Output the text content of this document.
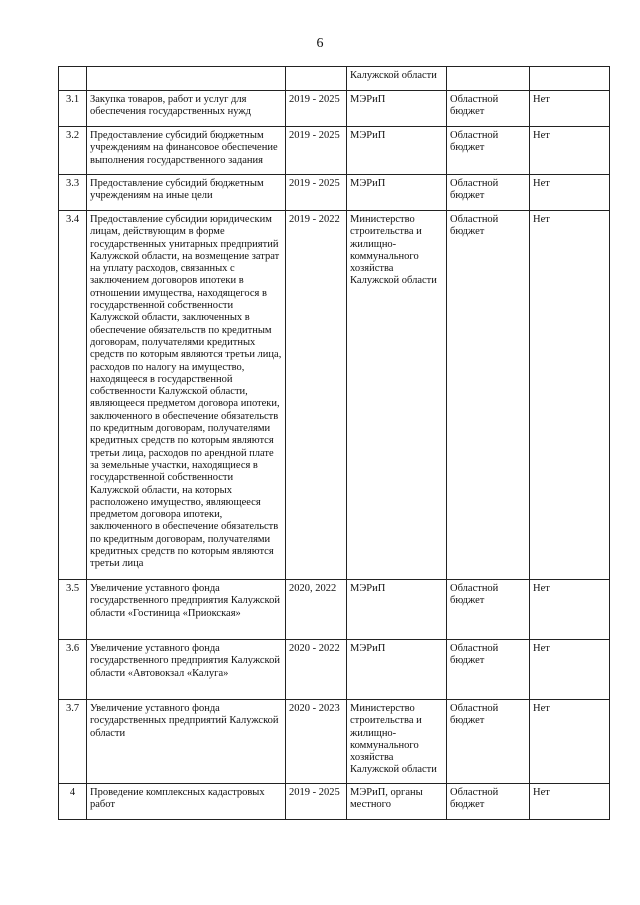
6
			Калужской области		
3.1	Закупка товаров, работ и услуг для обеспечения государственных нужд	2019 - 2025	МЭРиП	Областной бюджет	Нет
3.2	Предоставление субсидий бюджетным учреждениям на финансовое обеспечение выполнения государственного задания	2019 - 2025	МЭРиП	Областной бюджет	Нет
3.3	Предоставление субсидий бюджетным учреждениям на иные цели	2019 - 2025	МЭРиП	Областной бюджет	Нет
3.4	Предоставление субсидии юридическим лицам, действующим в форме государственных унитарных предприятий Калужской области, на возмещение затрат на уплату расходов, связанных с заключением договоров ипотеки в отношении имущества, находящегося в государственной собственности Калужской области, заключенных в обеспечение обязательств по кредитным договорам, получателями кредитных средств по которым являются третьи лица, расходов по налогу на имущество, находящееся в государственной собственности Калужской области, являющееся предметом договора ипотеки, заключенного в обеспечение обязательств по кредитным договорам, получателями кредитных средств по которым являются третьи лица, расходов по арендной плате за земельные участки, находящиеся в государственной собственности Калужской области, на которых расположено имущество, являющееся предметом договора ипотеки, заключенного в обеспечение обязательств по кредитным договорам, получателями кредитных средств по которым являются третьи лица	2019 - 2022	Министерство строительства и жилищно-коммунального хозяйства Калужской области	Областной бюджет	Нет
3.5	Увеличение уставного фонда государственного предприятия Калужской области «Гостиница «Приокская»	2020, 2022	МЭРиП	Областной бюджет	Нет
3.6	Увеличение уставного фонда государственного предприятия Калужской области «Автовокзал «Калуга»	2020 - 2022	МЭРиП	Областной бюджет	Нет
3.7	Увеличение уставного фонда государственных предприятий Калужской области	2020 - 2023	Министерство строительства и жилищно-коммунального хозяйства Калужской области	Областной бюджет	Нет
4	Проведение комплексных кадастровых работ	2019 - 2025	МЭРиП, органы местного	Областной бюджет	Нет
